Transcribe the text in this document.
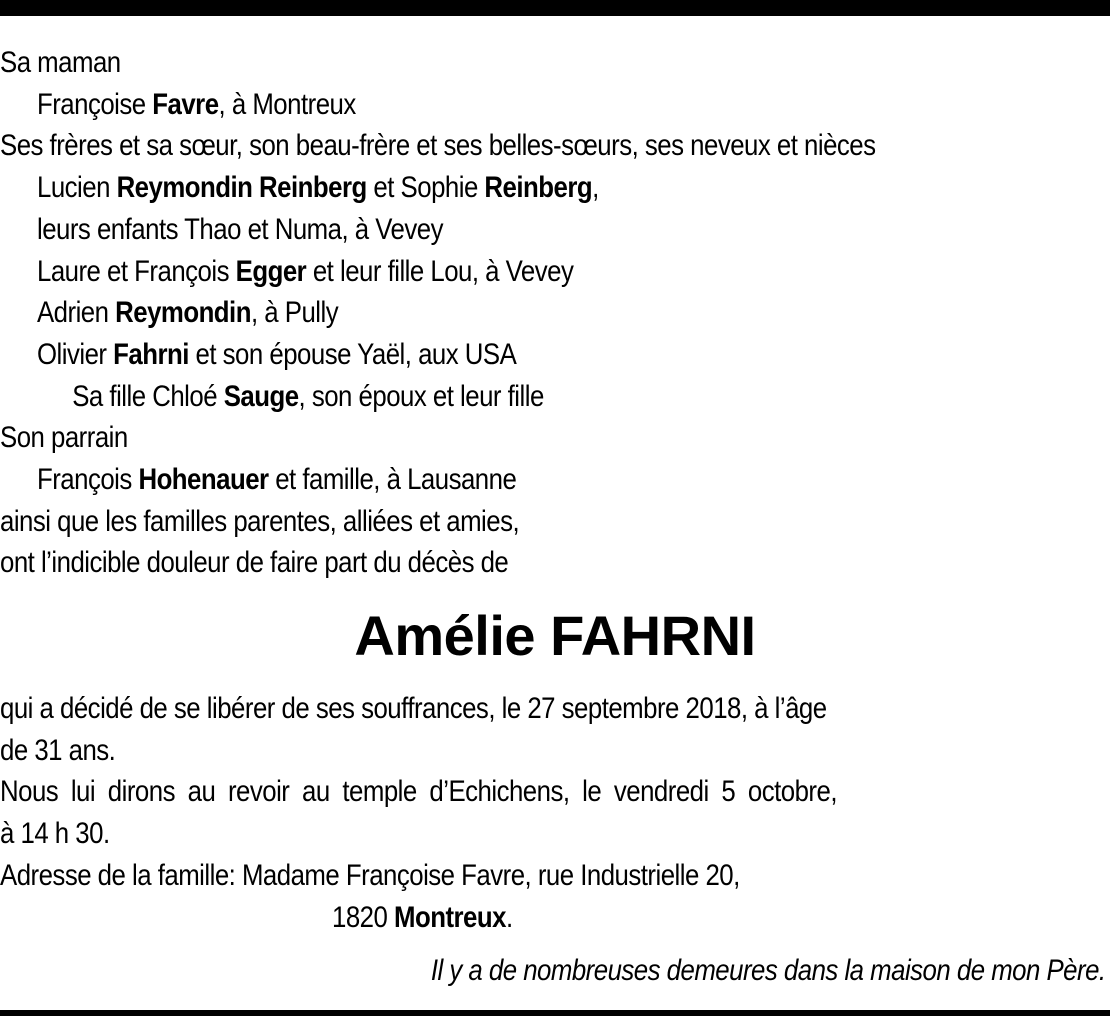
Sa maman

Françoise Favre, à Montreux

Ses frères et sa sœur, son beau-frère et ses belles-sœurs, ses neveux et nièces

Lucien Reymondin Reinberg et Sophie Reinberg,

leurs enfants Thao et Numa, à Vevey

Laure et François Egger et leur fille Lou, à Vevey

Adrien Reymondin, à Pully

Olivier Fahrni et son épouse Yaël, aux USA

Sa fille Chloé Sauge, son époux et leur fille

Son parrain

François Hohenauer et famille, à Lausanne

ainsi que les familles parentes, alliées et amies,

ont l’indicible douleur de faire part du décès de

Amélie FAHRNI

qui a décidé de se libérer de ses souffrances, le 27 septembre 2018, à l’âge

de 31 ans.

Nous lui dirons au revoir au temple d’Echichens, le vendredi 5 octobre,

à 14 h 30.

Adresse de la famille: Madame Françoise Favre, rue Industrielle 20,

1820 Montreux.

Il y a de nombreuses demeures dans la maison de mon Père.
